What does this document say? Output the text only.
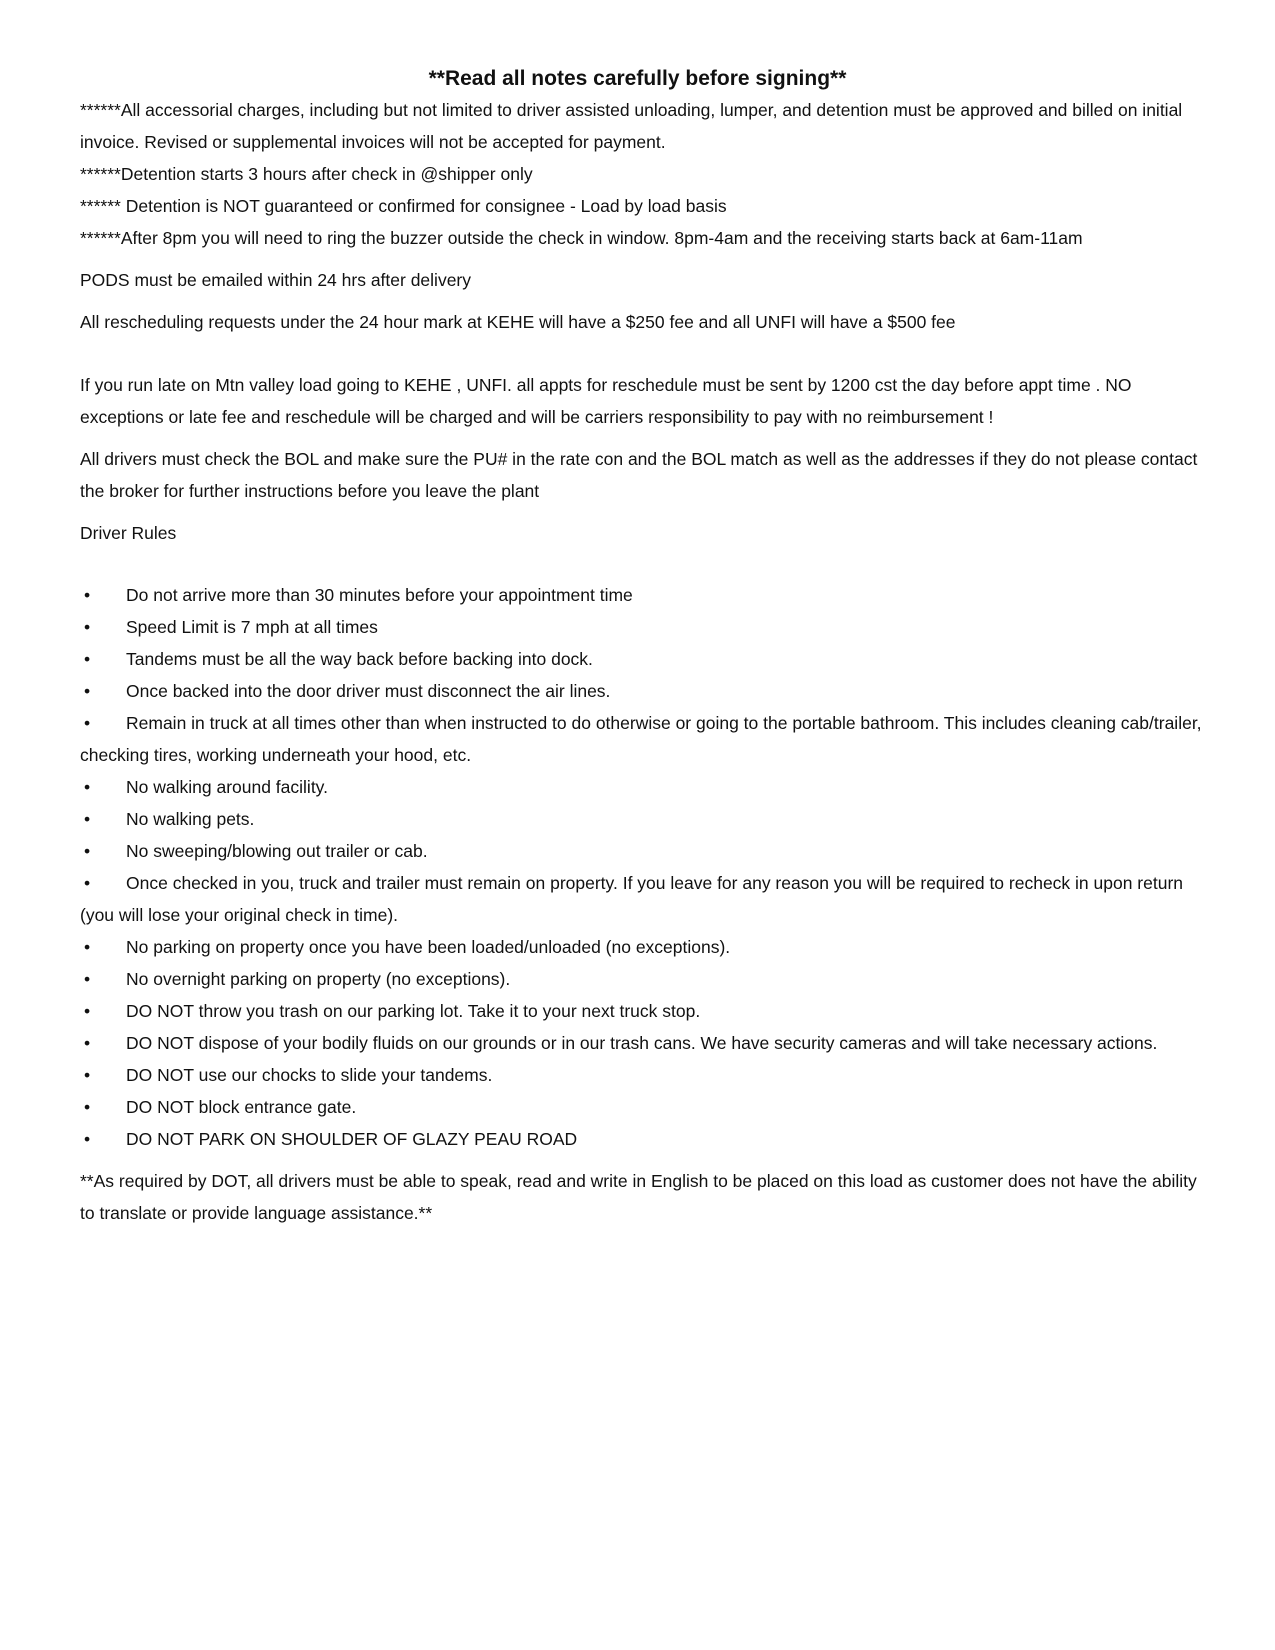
**Read all notes carefully before signing**

******All accessorial charges, including but not limited to driver assisted unloading, lumper, and detention must be approved and billed on initial invoice. Revised or supplemental invoices will not be accepted for payment.

******Detention starts 3 hours after check in @shipper only

****** Detention is NOT guaranteed or confirmed for consignee - Load by load basis

******After 8pm you will need to ring the buzzer outside the check in window. 8pm-4am and the receiving starts back at 6am-11am

PODS must be emailed within 24 hrs after delivery

All rescheduling requests under the 24 hour mark at KEHE will have a $250 fee and all UNFI will have a $500 fee

If you run late on Mtn valley load going to KEHE , UNFI. all appts for reschedule must be sent by 1200 cst the day before appt time . NO exceptions or late fee and reschedule will be charged and will be carriers responsibility to pay with no reimbursement !

All drivers must check the BOL and make sure the PU# in the rate con and the BOL match as well as the addresses if they do not please contact the broker for further instructions before you leave the plant

Driver Rules

• Do not arrive more than 30 minutes before your appointment time
• Speed Limit is 7 mph at all times
• Tandems must be all the way back before backing into dock.
• Once backed into the door driver must disconnect the air lines.
• Remain in truck at all times other than when instructed to do otherwise or going to the portable bathroom. This includes cleaning cab/trailer, checking tires, working underneath your hood, etc.
• No walking around facility.
• No walking pets.
• No sweeping/blowing out trailer or cab.
• Once checked in you, truck and trailer must remain on property. If you leave for any reason you will be required to recheck in upon return (you will lose your original check in time).
• No parking on property once you have been loaded/unloaded (no exceptions).
• No overnight parking on property (no exceptions).
• DO NOT throw you trash on our parking lot. Take it to your next truck stop.
• DO NOT dispose of your bodily fluids on our grounds or in our trash cans. We have security cameras and will take necessary actions.
• DO NOT use our chocks to slide your tandems.
• DO NOT block entrance gate.
• DO NOT PARK ON SHOULDER OF GLAZY PEAU ROAD

**As required by DOT, all drivers must be able to speak, read and write in English to be placed on this load as customer does not have the ability to translate or provide language assistance.**
